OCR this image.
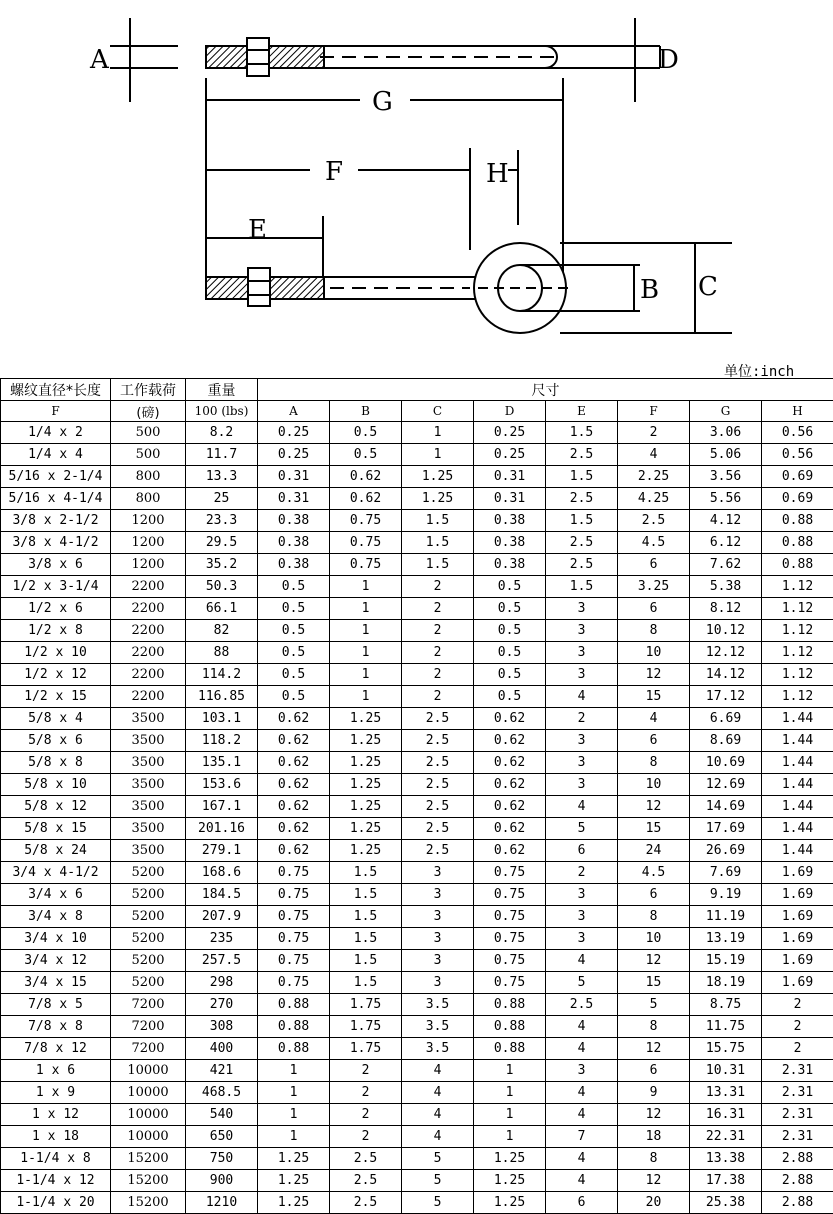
A	D
G
F	H
E
B C
单位:inch
螺纹直径*长度	工作载荷	重量	尺寸							
F	(磅)	100 (lbs)	A	B	C	D	E	F	G	H
1/4 x 2	500	8.2	0.25	0.5	1	0.25	1.5	2	3.06	0.56
1/4 x 4	500	11.7	0.25	0.5	1	0.25	2.5	4	5.06	0.56
5/16 x 2-1/4	800	13.3	0.31	0.62	1.25	0.31	1.5	2.25	3.56	0.69
5/16 x 4-1/4	800	25	0.31	0.62	1.25	0.31	2.5	4.25	5.56	0.69
3/8 x 2-1/2	1200	23.3	0.38	0.75	1.5	0.38	1.5	2.5	4.12	0.88
3/8 x 4-1/2	1200	29.5	0.38	0.75	1.5	0.38	2.5	4.5	6.12	0.88
3/8 x 6	1200	35.2	0.38	0.75	1.5	0.38	2.5	6	7.62	0.88
1/2 x 3-1/4	2200	50.3	0.5	1	2	0.5	1.5	3.25	5.38	1.12
1/2 x 6	2200	66.1	0.5	1	2	0.5	3	6	8.12	1.12
1/2 x 8	2200	82	0.5	1	2	0.5	3	8	10.12	1.12
1/2 x 10	2200	88	0.5	1	2	0.5	3	10	12.12	1.12
1/2 x 12	2200	114.2	0.5	1	2	0.5	3	12	14.12	1.12
1/2 x 15	2200	116.85	0.5	1	2	0.5	4	15	17.12	1.12
5/8 x 4	3500	103.1	0.62	1.25	2.5	0.62	2	4	6.69	1.44
5/8 x 6	3500	118.2	0.62	1.25	2.5	0.62	3	6	8.69	1.44
5/8 x 8	3500	135.1	0.62	1.25	2.5	0.62	3	8	10.69	1.44
5/8 x 10	3500	153.6	0.62	1.25	2.5	0.62	3	10	12.69	1.44
5/8 x 12	3500	167.1	0.62	1.25	2.5	0.62	4	12	14.69	1.44
5/8 x 15	3500	201.16	0.62	1.25	2.5	0.62	5	15	17.69	1.44
5/8 x 24	3500	279.1	0.62	1.25	2.5	0.62	6	24	26.69	1.44
3/4 x 4-1/2	5200	168.6	0.75	1.5	3	0.75	2	4.5	7.69	1.69
3/4 x 6	5200	184.5	0.75	1.5	3	0.75	3	6	9.19	1.69
3/4 x 8	5200	207.9	0.75	1.5	3	0.75	3	8	11.19	1.69
3/4 x 10	5200	235	0.75	1.5	3	0.75	3	10	13.19	1.69
3/4 x 12	5200	257.5	0.75	1.5	3	0.75	4	12	15.19	1.69
3/4 x 15	5200	298	0.75	1.5	3	0.75	5	15	18.19	1.69
7/8 x 5	7200	270	0.88	1.75	3.5	0.88	2.5	5	8.75	2
7/8 x 8	7200	308	0.88	1.75	3.5	0.88	4	8	11.75	2
7/8 x 12	7200	400	0.88	1.75	3.5	0.88	4	12	15.75	2
1 x 6	10000	421	1	2	4	1	3	6	10.31	2.31
1 x 9	10000	468.5	1	2	4	1	4	9	13.31	2.31
1 x 12	10000	540	1	2	4	1	4	12	16.31	2.31
1 x 18	10000	650	1	2	4	1	7	18	22.31	2.31
1-1/4 x 8	15200	750	1.25	2.5	5	1.25	4	8	13.38	2.88
1-1/4 x 12	15200	900	1.25	2.5	5	1.25	4	12	17.38	2.88
1-1/4 x 20	15200	1210	1.25	2.5	5	1.25	6	20	25.38	2.88
